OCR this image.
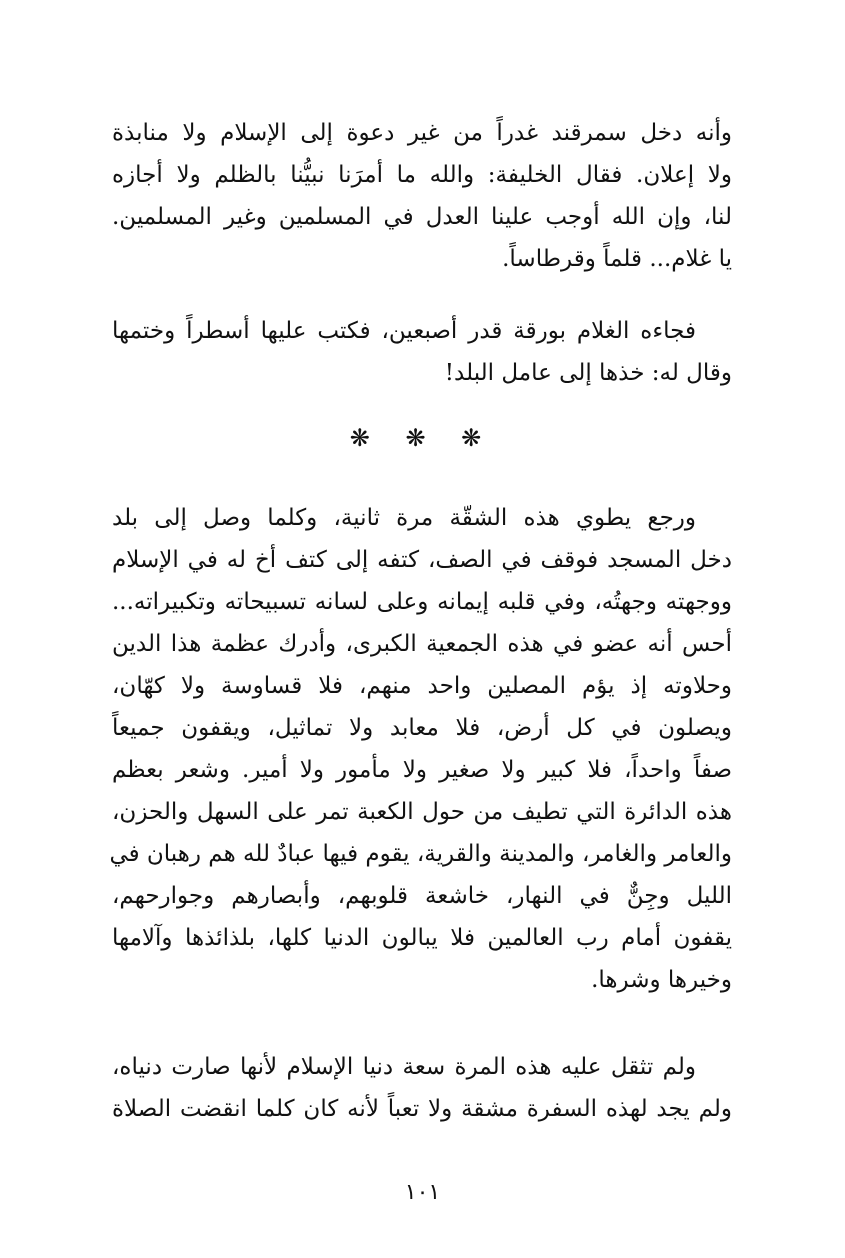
وأنه دخل سمرقند غدراً من غير دعوة إلى الإسلام ولا منابذة
ولا إعلان. فقال الخليفة: والله ما أمرَنا نبيُّنا بالظلم ولا أجازه
لنا، وإن الله أوجب علينا العدل في المسلمين وغير المسلمين.
يا غلام... قلماً وقرطاساً.
فجاءه الغلام بورقة قدر أصبعين، فكتب عليها أسطراً وختمها
وقال له: خذها إلى عامل البلد!
❋ ❋ ❋
ورجع يطوي هذه الشقّة مرة ثانية، وكلما وصل إلى بلد
دخل المسجد فوقف في الصف، كتفه إلى كتف أخ له في الإسلام
ووجهته وجهتُه، وفي قلبه إيمانه وعلى لسانه تسبيحاته وتكبيراته...
أحس أنه عضو في هذه الجمعية الكبرى، وأدرك عظمة هذا الدين
وحلاوته إذ يؤم المصلين واحد منهم، فلا قساوسة ولا كهّان،
ويصلون في كل أرض، فلا معابد ولا تماثيل، ويقفون جميعاً
صفاً واحداً، فلا كبير ولا صغير ولا مأمور ولا أمير. وشعر بعظم
هذه الدائرة التي تطيف من حول الكعبة تمر على السهل والحزن،
والعامر والغامر، والمدينة والقرية، يقوم فيها عبادٌ لله هم رهبان في
الليل وجِنٌّ في النهار، خاشعة قلوبهم، وأبصارهم وجوارحهم،
يقفون أمام رب العالمين فلا يبالون الدنيا كلها، بلذائذها وآلامها
وخيرها وشرها.
ولم تثقل عليه هذه المرة سعة دنيا الإسلام لأنها صارت دنياه،
ولم يجد لهذه السفرة مشقة ولا تعباً لأنه كان كلما انقضت الصلاة
١٠١
